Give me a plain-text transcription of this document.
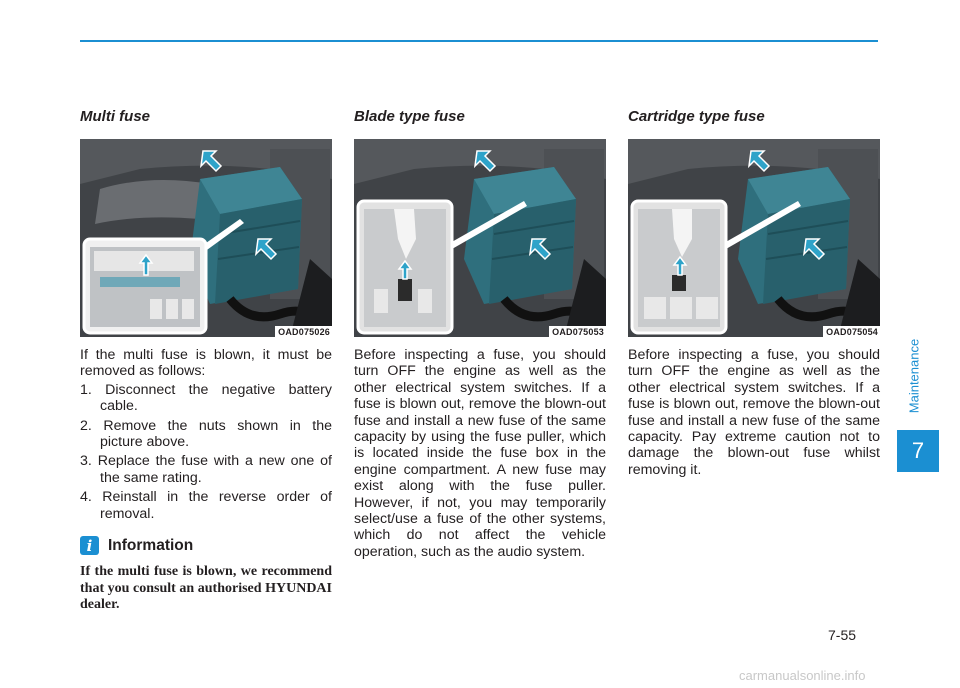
Multi fuse
OAD075026

If the multi fuse is blown, it must be removed as follows:

1. Disconnect the negative battery cable.
2. Remove the nuts shown in the picture above.
3. Replace the fuse with a new one of the same rating.
4. Reinstall in the reverse order of removal.
i	Information
If the multi fuse is blown, we recommend that you consult an authorised HYUNDAI dealer.
Blade type fuse
OAD075053

Before inspecting a fuse, you should turn OFF the engine as well as the other electrical system switches. If a fuse is blown out, remove the blown-out fuse and install a new fuse of the same capacity by using the fuse puller, which is located inside the fuse box in the engine compartment. A new fuse may exist along with the fuse puller. However, if not, you may temporarily select/use a fuse of the other systems, which do not affect the vehicle operation, such as the audio system.

Cartridge type fuse
OAD075054

Before inspecting a fuse, you should turn OFF the engine as well as the other electrical system switches. If a fuse is blown out, remove the blown-out fuse and install a new fuse of the same capacity. Pay extreme caution not to damage the blown-out fuse whilst removing it.

Maintenance
7
7-55
carmanualsonline.info
